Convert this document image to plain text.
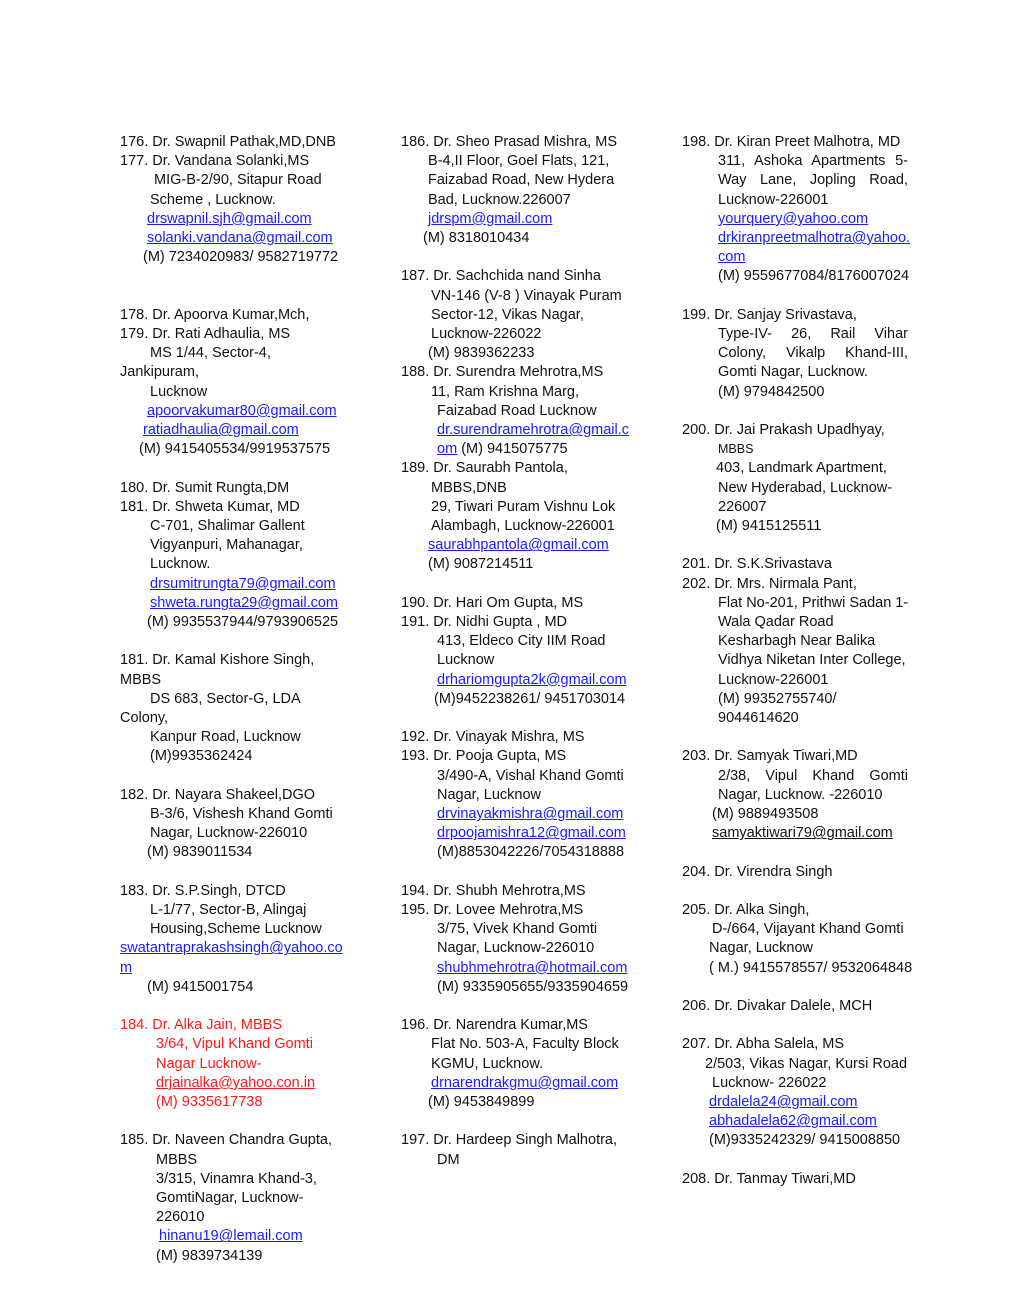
176. Dr. Swapnil Pathak,MD,DNB
177. Dr. Vandana Solanki,MS
MIG-B-2/90, Sitapur Road
Scheme , Lucknow.
drswapnil.sjh@gmail.com
solanki.vandana@gmail.com
(M) 7234020983/ 9582719772
178. Dr. Apoorva Kumar,Mch,
179. Dr. Rati Adhaulia, MS
MS 1/44, Sector-4,
Jankipuram,
Lucknow
apoorvakumar80@gmail.com
ratiadhaulia@gmail.com
(M) 9415405534/9919537575
180. Dr. Sumit Rungta,DM
181. Dr. Shweta Kumar, MD
C-701, Shalimar Gallent
Vigyanpuri, Mahanagar,
Lucknow.
drsumitrungta79@gmail.com
shweta.rungta29@gmail.com
(M) 9935537944/9793906525
181. Dr. Kamal Kishore Singh,
MBBS
DS 683, Sector-G, LDA
Colony,
Kanpur Road, Lucknow
(M)9935362424
182. Dr. Nayara Shakeel,DGO
B-3/6, Vishesh Khand Gomti
Nagar, Lucknow-226010
(M) 9839011534
183. Dr. S.P.Singh, DTCD
L-1/77, Sector-B, Alingaj
Housing,Scheme Lucknow
swatantraprakashsingh@yahoo.co
m
(M) 9415001754
184. Dr. Alka Jain, MBBS
3/64, Vipul Khand Gomti
Nagar Lucknow-
drjainalka@yahoo.con.in
(M) 9335617738
185. Dr. Naveen Chandra Gupta,
MBBS
3/315, Vinamra Khand-3,
GomtiNagar, Lucknow-
226010
hinanu19@lemail.com
(M) 9839734139
186. Dr. Sheo Prasad Mishra, MS
B-4,II Floor, Goel Flats, 121,
Faizabad Road, New Hydera
Bad, Lucknow.226007
jdrspm@gmail.com
(M) 8318010434
187. Dr. Sachchida nand Sinha
VN-146 (V-8 ) Vinayak Puram
Sector-12, Vikas Nagar,
Lucknow-226022
(M) 9839362233
188. Dr. Surendra Mehrotra,MS
11, Ram Krishna Marg,
Faizabad Road Lucknow
dr.surendramehrotra@gmail.c
om (M) 9415075775
189. Dr. Saurabh Pantola,
MBBS,DNB
29, Tiwari Puram Vishnu Lok
Alambagh, Lucknow-226001
saurabhpantola@gmail.com
(M) 9087214511
190. Dr. Hari Om Gupta, MS
191. Dr. Nidhi Gupta , MD
413, Eldeco City IIM Road
Lucknow
drhariomgupta2k@gmail.com
(M)9452238261/ 9451703014
192. Dr. Vinayak Mishra, MS
193. Dr. Pooja Gupta, MS
3/490-A, Vishal Khand Gomti
Nagar, Lucknow
drvinayakmishra@gmail.com
drpoojamishra12@gmail.com
(M)8853042226/7054318888
194. Dr. Shubh Mehrotra,MS
195. Dr. Lovee Mehrotra,MS
3/75, Vivek Khand Gomti
Nagar, Lucknow-226010
shubhmehrotra@hotmail.com
(M) 9335905655/9335904659
196. Dr. Narendra Kumar,MS
Flat No. 503-A, Faculty Block
KGMU, Lucknow.
drnarendrakgmu@gmail.com
(M) 9453849899
197. Dr. Hardeep Singh Malhotra,
DM
198. Dr. Kiran Preet Malhotra, MD
311, Ashoka Apartments 5-
Way Lane, Jopling Road,
Lucknow-226001
yourquery@yahoo.com
drkiranpreetmalhotra@yahoo.
com
(M) 9559677084/8176007024
199. Dr. Sanjay Srivastava,
Type-IV- 26, Rail Vihar
Colony, Vikalp Khand-III,
Gomti Nagar, Lucknow.
(M) 9794842500
200. Dr. Jai Prakash Upadhyay,
MBBS
403, Landmark Apartment,
New Hyderabad, Lucknow-
226007
(M) 9415125511
201. Dr. S.K.Srivastava
202. Dr. Mrs. Nirmala Pant,
Flat No-201, Prithwi Sadan 1-
Wala Qadar Road
Kesharbagh Near Balika
Vidhya Niketan Inter College,
Lucknow-226001
(M) 99352755740/
9044614620
203. Dr. Samyak Tiwari,MD
2/38, Vipul Khand Gomti
Nagar, Lucknow. -226010
(M) 9889493508
samyaktiwari79@gmail.com
204. Dr. Virendra Singh
205. Dr. Alka Singh,
D-/664, Vijayant Khand Gomti
Nagar, Lucknow
( M.) 9415578557/ 9532064848
206. Dr. Divakar Dalele, MCH
207. Dr. Abha Salela, MS
2/503, Vikas Nagar, Kursi Road
Lucknow- 226022
drdalela24@gmail.com
abhadalela62@gmail.com
(M)9335242329/ 9415008850
208. Dr. Tanmay Tiwari,MD
